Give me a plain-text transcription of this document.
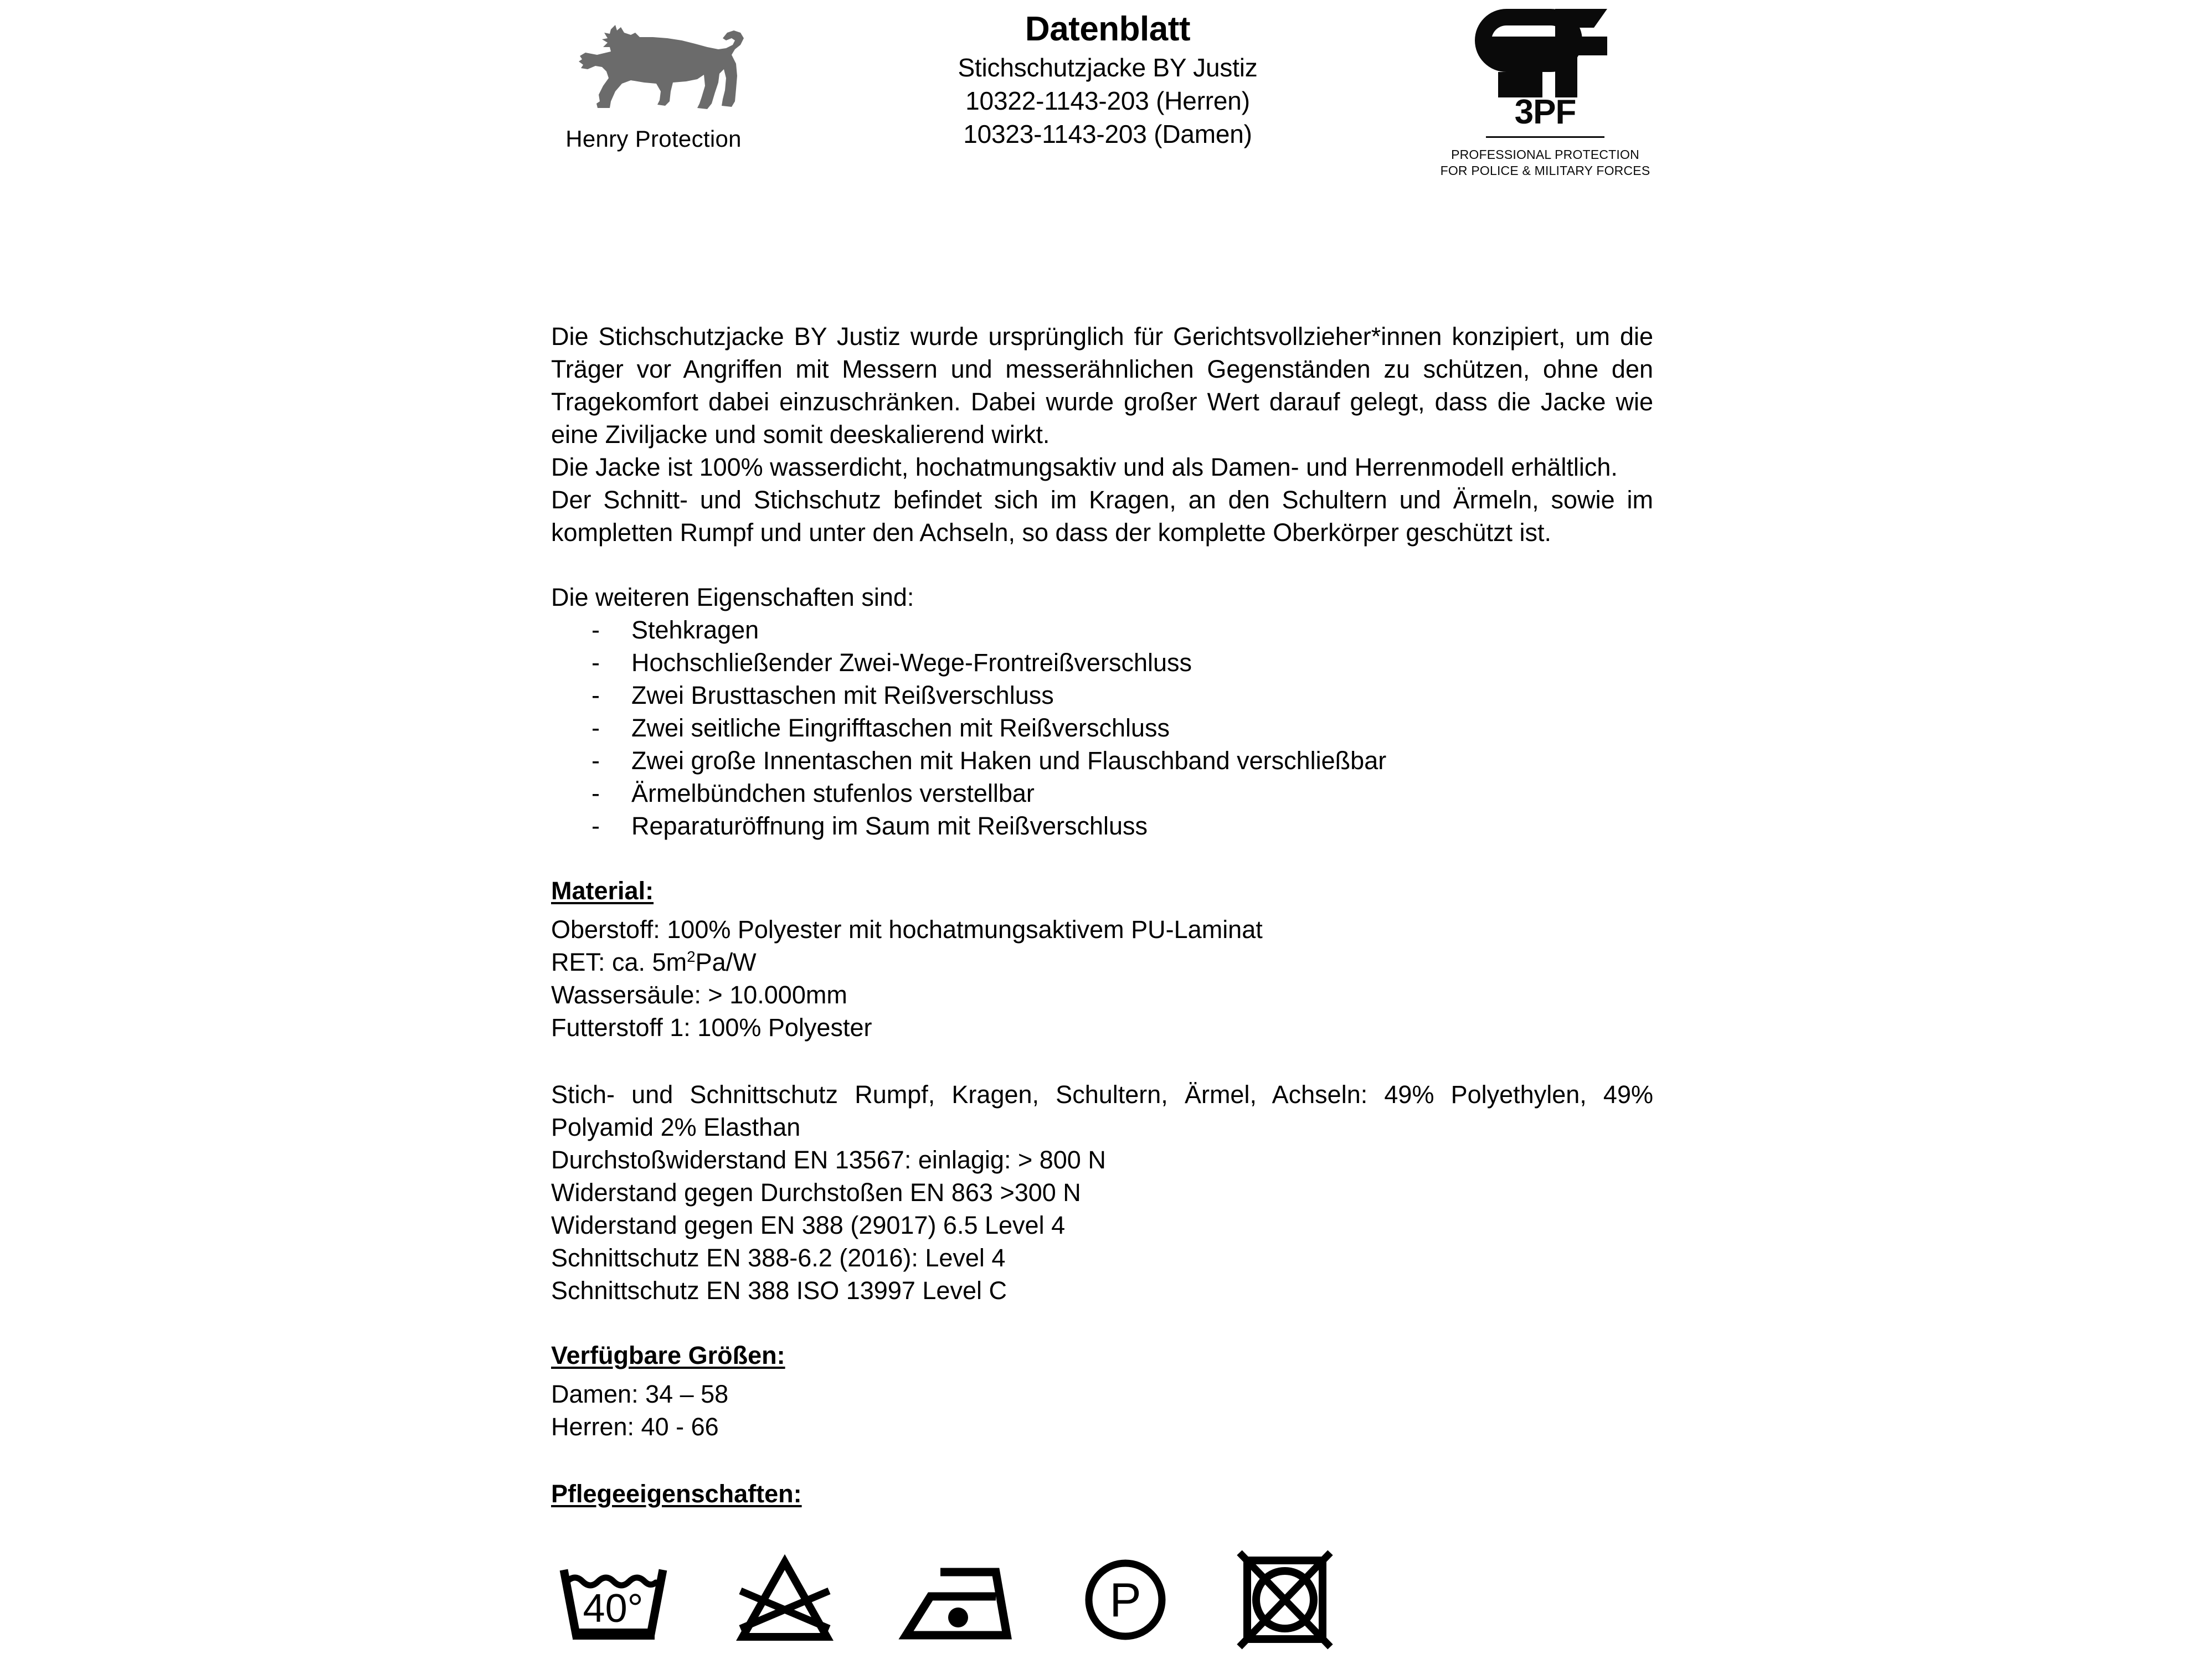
Henry Protection
Datenblatt
Stichschutzjacke BY Justiz
10322-1143-203 (Herren)
10323-1143-203 (Damen)
3PF
PROFESSIONAL PROTECTION
FOR POLICE & MILITARY FORCES

Die Stichschutzjacke BY Justiz wurde ursprünglich für Gerichtsvollzieher*innen konzipiert, um die Träger vor Angriffen mit Messern und messerähnlichen Gegenständen zu schützen, ohne den Tragekomfort dabei einzuschränken. Dabei wurde großer Wert darauf gelegt, dass die Jacke wie eine Ziviljacke und somit deeskalierend wirkt.

Die Jacke ist 100% wasserdicht, hochatmungsaktiv und als Damen- und Herrenmodell erhältlich.

Der Schnitt- und Stichschutz befindet sich im Kragen, an den Schultern und Ärmeln, sowie im kompletten Rumpf und unter den Achseln, so dass der komplette Oberkörper geschützt ist.

Die weiteren Eigenschaften sind:

- Stehkragen
- Hochschließender Zwei-Wege-Frontreißverschluss
- Zwei Brusttaschen mit Reißverschluss
- Zwei seitliche Eingrifftaschen mit Reißverschluss
- Zwei große Innentaschen mit Haken und Flauschband verschließbar
- Ärmelbündchen stufenlos verstellbar
- Reparaturöffnung im Saum mit Reißverschluss
Material:

Oberstoff: 100% Polyester mit hochatmungsaktivem PU-Laminat

RET: ca. $5m^2Pa/W$

Wassersäule: > 10.000mm

Futterstoff 1: 100% Polyester

Stich- und Schnittschutz Rumpf, Kragen, Schultern, Ärmel, Achseln: 49% Polyethylen, 49% Polyamid 2% Elasthan

Durchstoßwiderstand EN 13567: einlagig: > 800 N

Widerstand gegen Durchstoßen EN 863 >300 N

Widerstand gegen EN 388 (29017) 6.5 Level 4

Schnittschutz EN 388-6.2 (2016): Level 4

Schnittschutz EN 388 ISO 13997 Level C

Verfügbare Größen:

Damen: 34 – 58

Herren: 40 - 66

Pflegeeigenschaften:
40°	P
